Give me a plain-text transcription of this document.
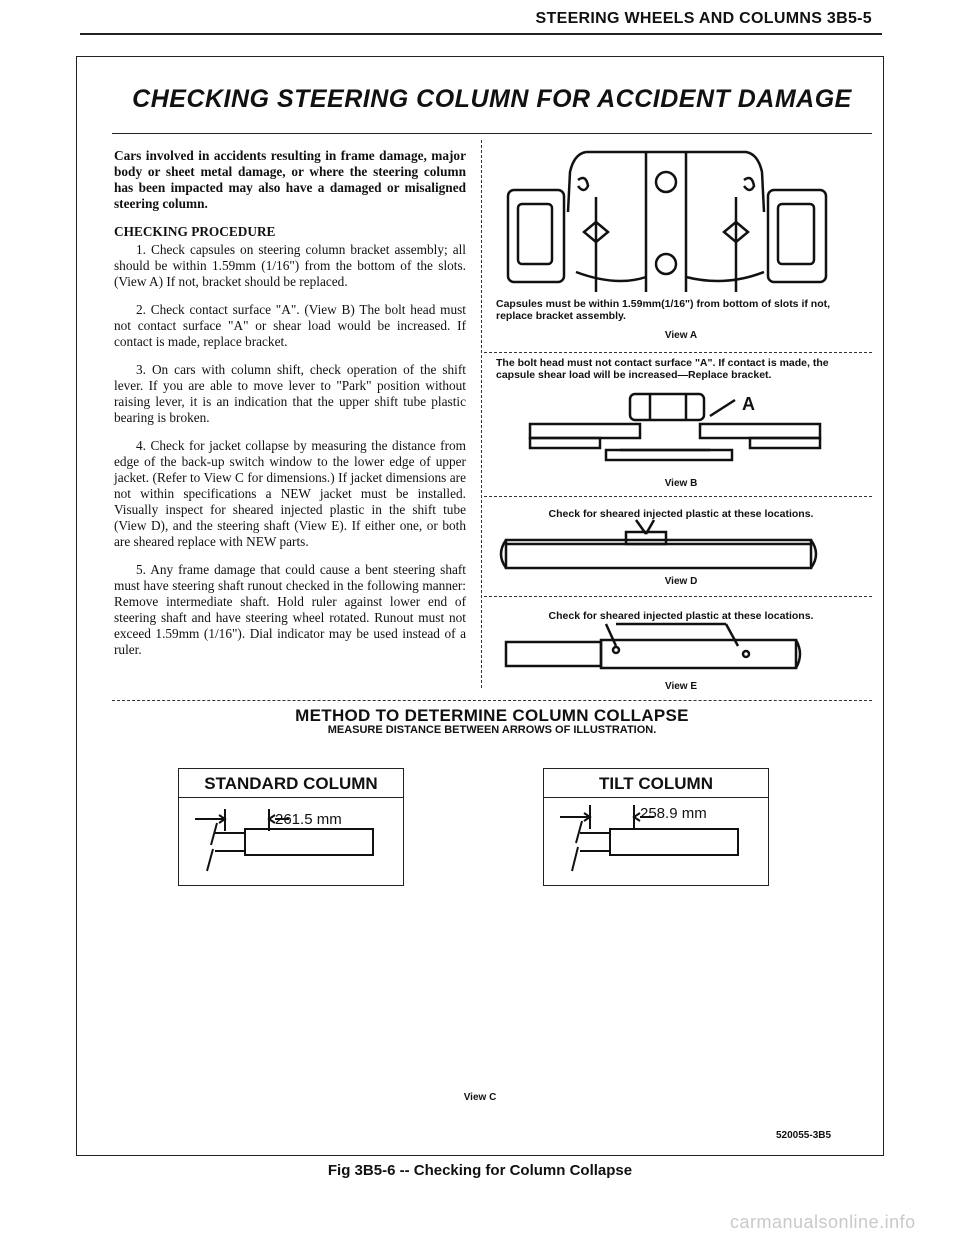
STEERING WHEELS AND COLUMNS 3B5-5
CHECKING STEERING COLUMN FOR ACCIDENT DAMAGE

Cars involved in accidents resulting in frame damage, major body or sheet metal damage, or where the steering column has been impacted may also have a damaged or misaligned steering column.

CHECKING PROCEDURE

1. Check capsules on steering column bracket assembly; all should be within 1.59mm (1/16") from the bottom of the slots. (View A) If not, bracket should be replaced.

2. Check contact surface "A". (View B) The bolt head must not contact surface "A" or shear load would be increased. If contact is made, replace bracket.

3. On cars with column shift, check operation of the shift lever. If you are able to move lever to "Park" position without raising lever, it is an indication that the upper shift tube plastic bearing is broken.

4. Check for jacket collapse by measuring the distance from edge of the back-up switch window to the lower edge of upper jacket. (Refer to View C for dimensions.) If jacket dimensions are not within specifications a NEW jacket must be installed. Visually inspect for sheared injected plastic in the shift tube (View D), and the steering shaft (View E). If either one, or both are sheared replace with NEW parts.

5. Any frame damage that could cause a bent steering shaft must have steering shaft runout checked in the following manner: Remove intermediate shaft. Hold ruler against lower end of steering shaft and have steering wheel rotated. Runout must not exceed 1.59mm (1/16"). Dial indicator may be used instead of a ruler.

Capsules must be within 1.59mm(1/16") from bottom of slots if not, replace bracket assembly.
View A
The bolt head must not contact surface "A". If contact is made, the capsule shear load will be increased—Replace bracket.
A
View B
Check for sheared injected plastic at these locations.
View D
Check for sheared injected plastic at these locations.
View E
METHOD TO DETERMINE COLUMN COLLAPSE
MEASURE DISTANCE BETWEEN ARROWS OF ILLUSTRATION.
STANDARD COLUMN
261.5 mm
TILT COLUMN
258.9 mm
View C
520055-3B5
Fig 3B5-6 -- Checking for Column Collapse
carmanualsonline.info
